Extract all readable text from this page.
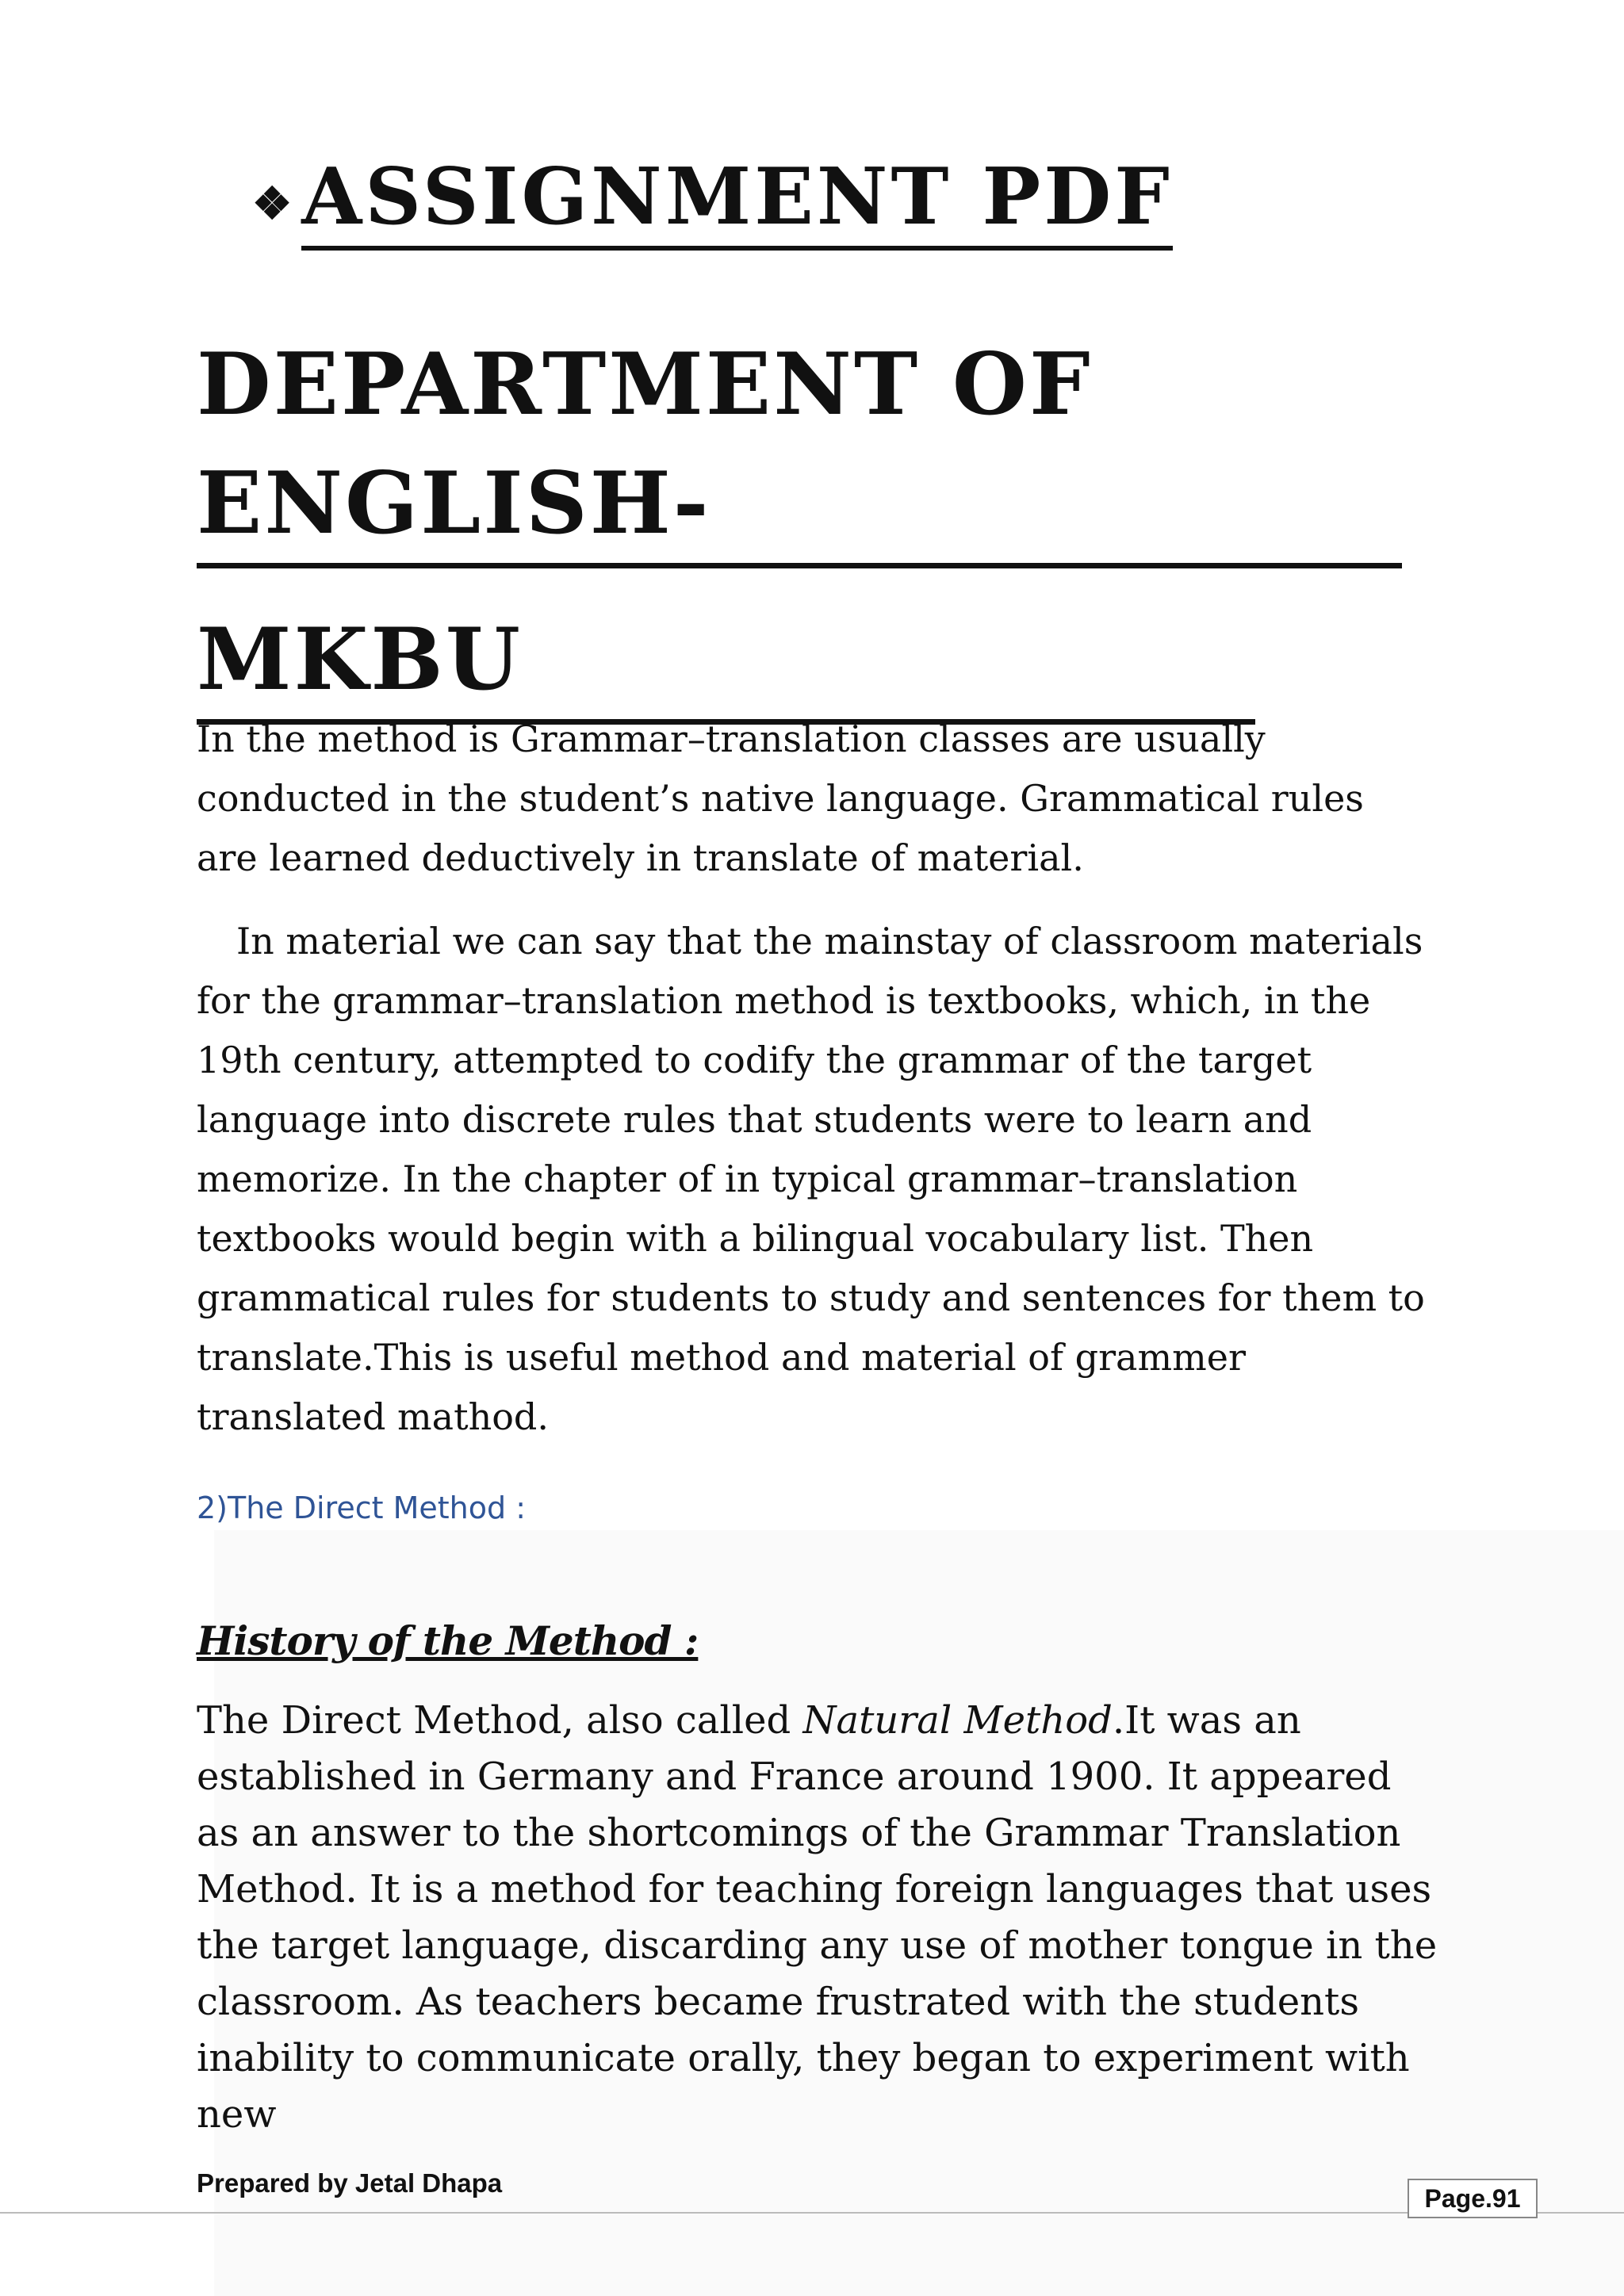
❖ASSIGNMENT PDF
DEPARTMENT OF ENGLISH-
MKBU

In the method is Grammar–translation classes are usually conducted in the student’s native language. Grammatical rules are learned deductively in translate of material.

In material we can say that the mainstay of classroom materials for the grammar–translation method is textbooks, which, in the 19th century, attempted to codify the grammar of the target language into discrete rules that students were to learn and memorize. In the chapter of in typical grammar–translation textbooks would begin with a bilingual vocabulary list. Then grammatical rules for students to study and sentences for them to translate.This is useful method and material of grammer translated mathod.

2)The Direct Method :
History of the Method :

The Direct Method, also called Natural Method.It was an established in Germany and France around 1900. It appeared as an answer to the shortcomings of the Grammar Translation Method. It is a method for teaching foreign languages that uses the target language, discarding any use of mother tongue in the classroom. As teachers became frustrated with the students inability to communicate orally, they began to experiment with new

Prepared by Jetal Dhapa
Page.91
